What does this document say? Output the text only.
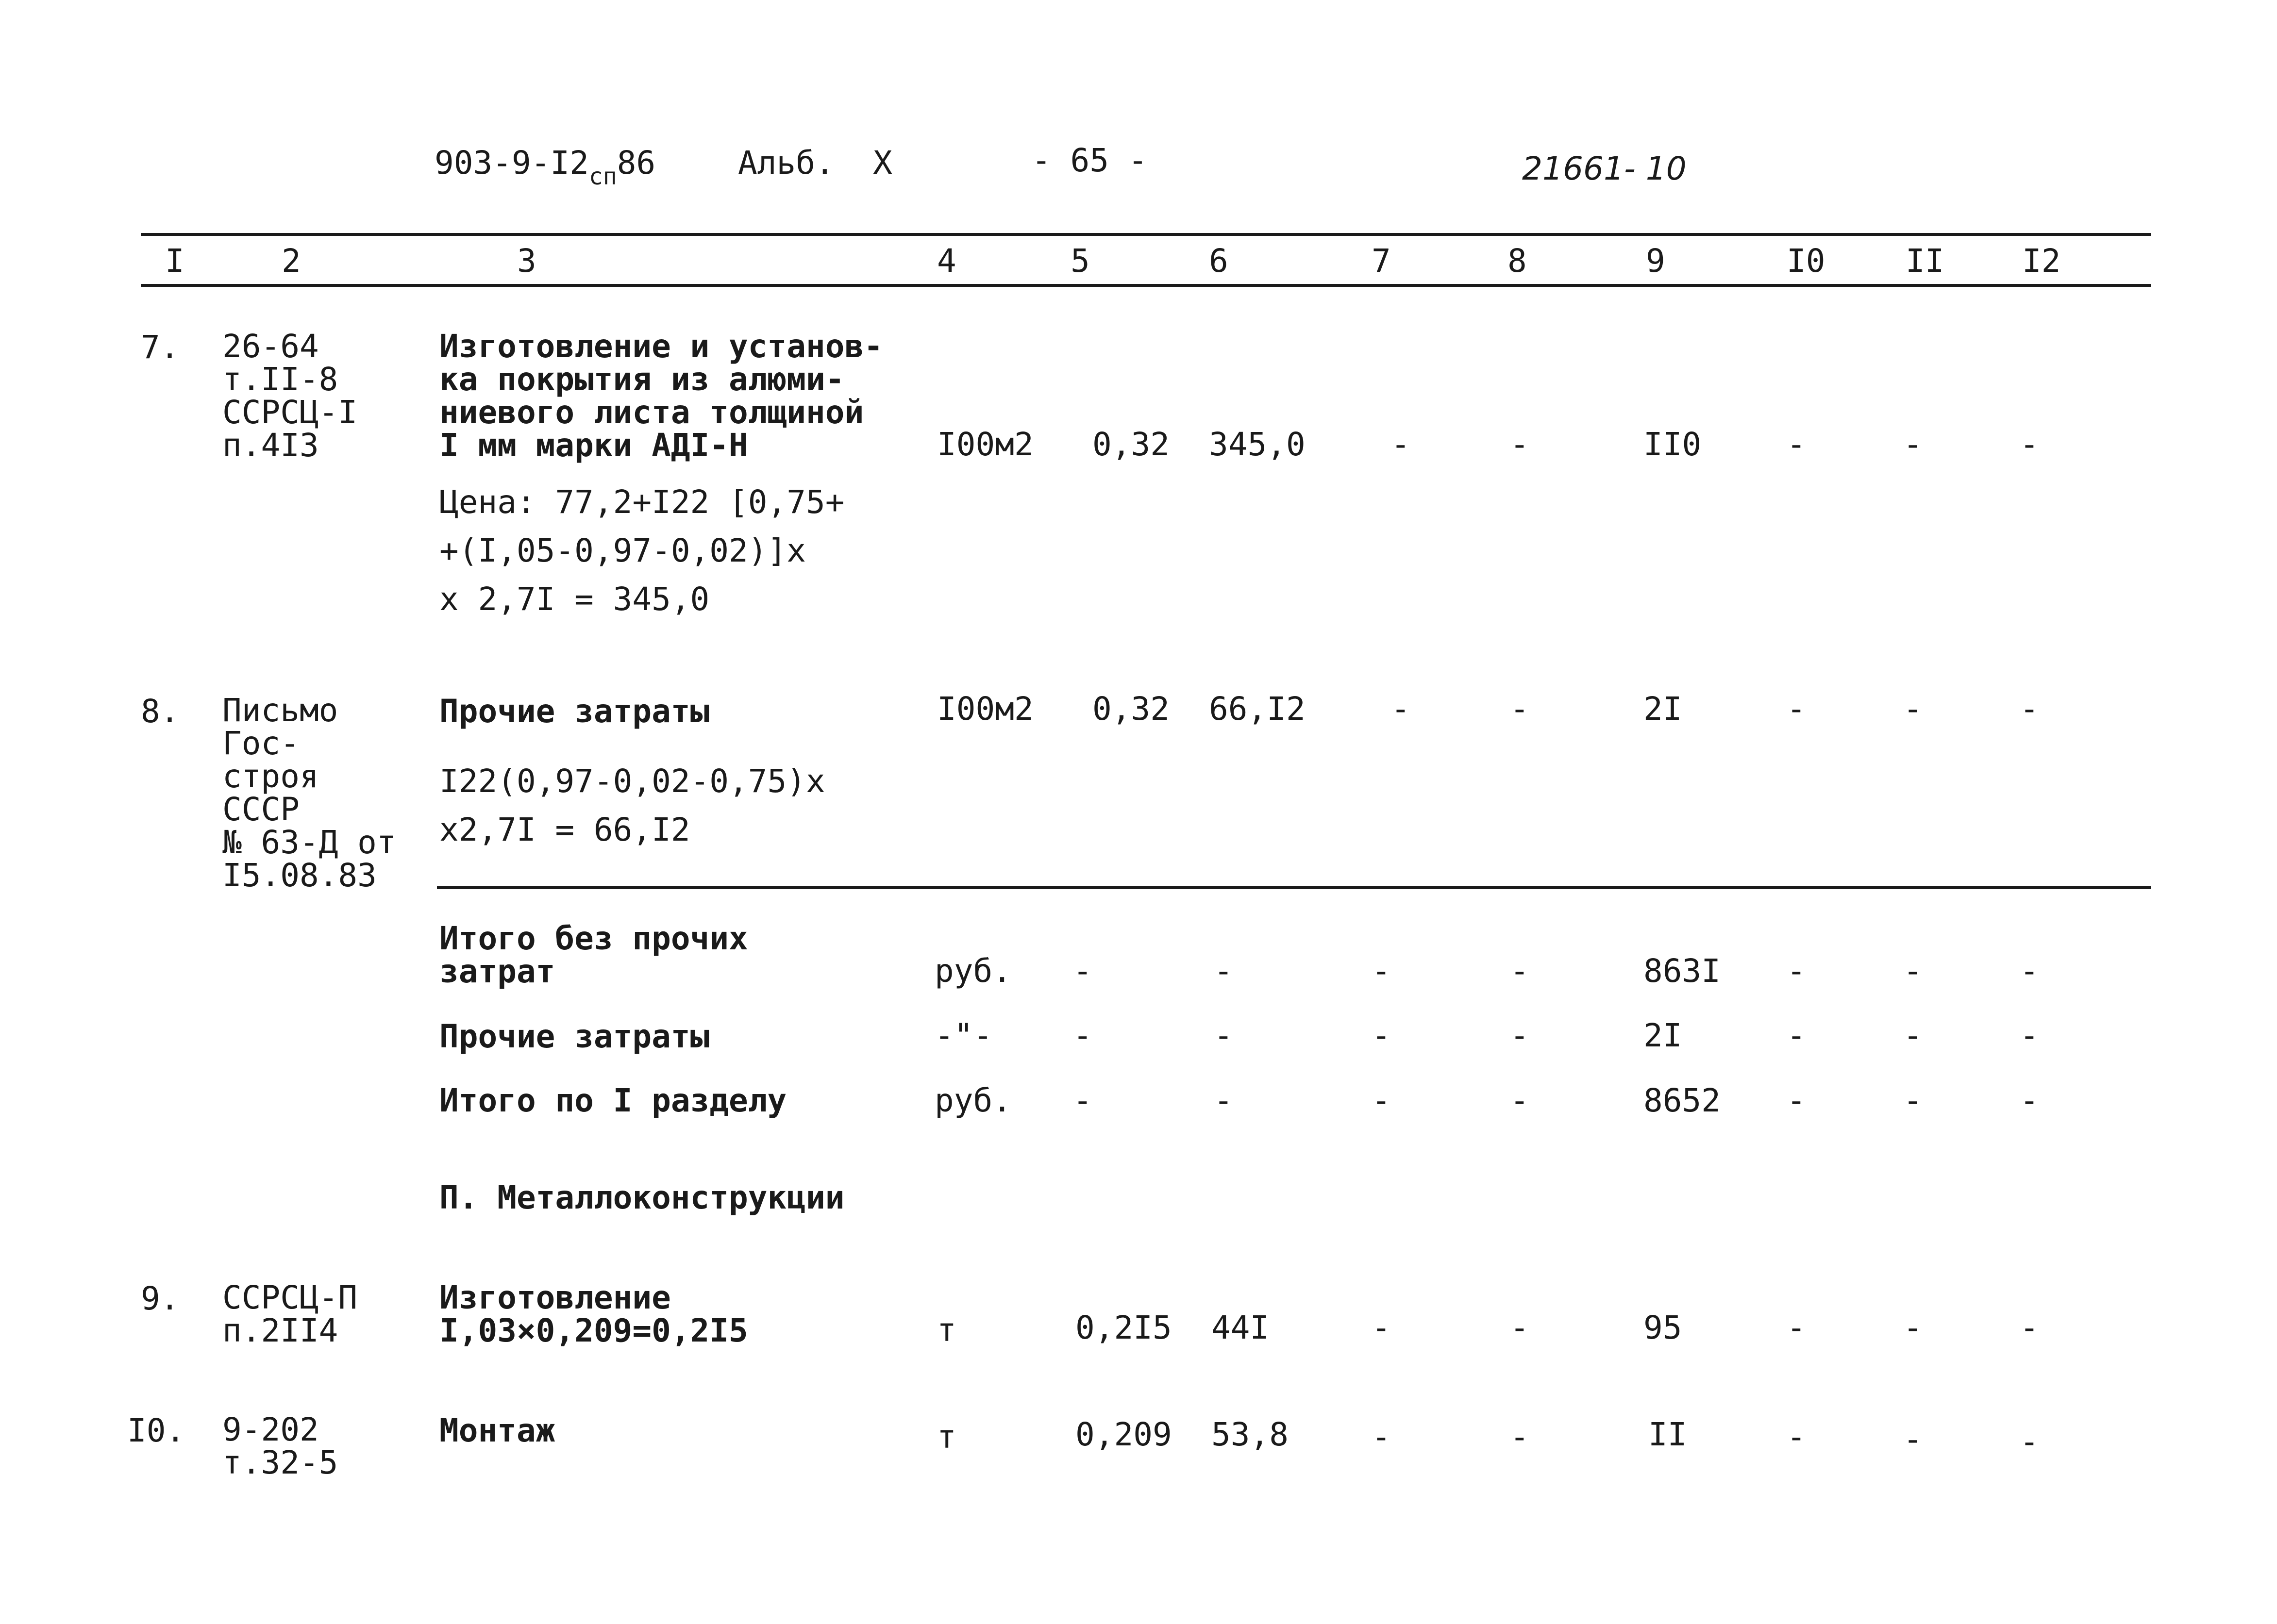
$903-9-I2_{сп}86$	Альб.  X	- 65 -	21661- 10
I	2	3	4	5	6	7	8	9	I0	II I2
7. 26-64
т.II-8
ССРСЦ-I
п.4I3
Изготовление и установ-
ка покрытия из алюми-
ниевого листа толщиной
I мм марки АДI-Н
Цена: 77,2+I22 [0,75+
+(I,05-0,97-0,02)]x
x 2,7I = 345,0
I00м2 0,32 345,0	-	-	II0	-	-	-
8. Письмо
Гос-
строя
СССР
№ 63-Д от
I5.08.83
Прочие затраты
I22(0,97-0,02-0,75)x
x2,7I = 66,I2
I00м2 0,32 66,I2	-	-	2I	-	-	-
Итого без прочих
затрат	руб. -	-	-	-	863I -	-	-
Прочие затраты	-"-	-	-	-	-	2I	-	-	-
Итого по I разделу	руб. -	-	-	-	8652 -	-	-
П. Металлоконструкции
9. ССРСЦ-П
п.2II4
Изготовление
I,03×0,209=0,2I5	т	0,2I5 44I	-	-	95	-	-	-
I0. 9-202
т.32-5
Монтаж	т	0,209 53,8	-	-	II	-	-	-
